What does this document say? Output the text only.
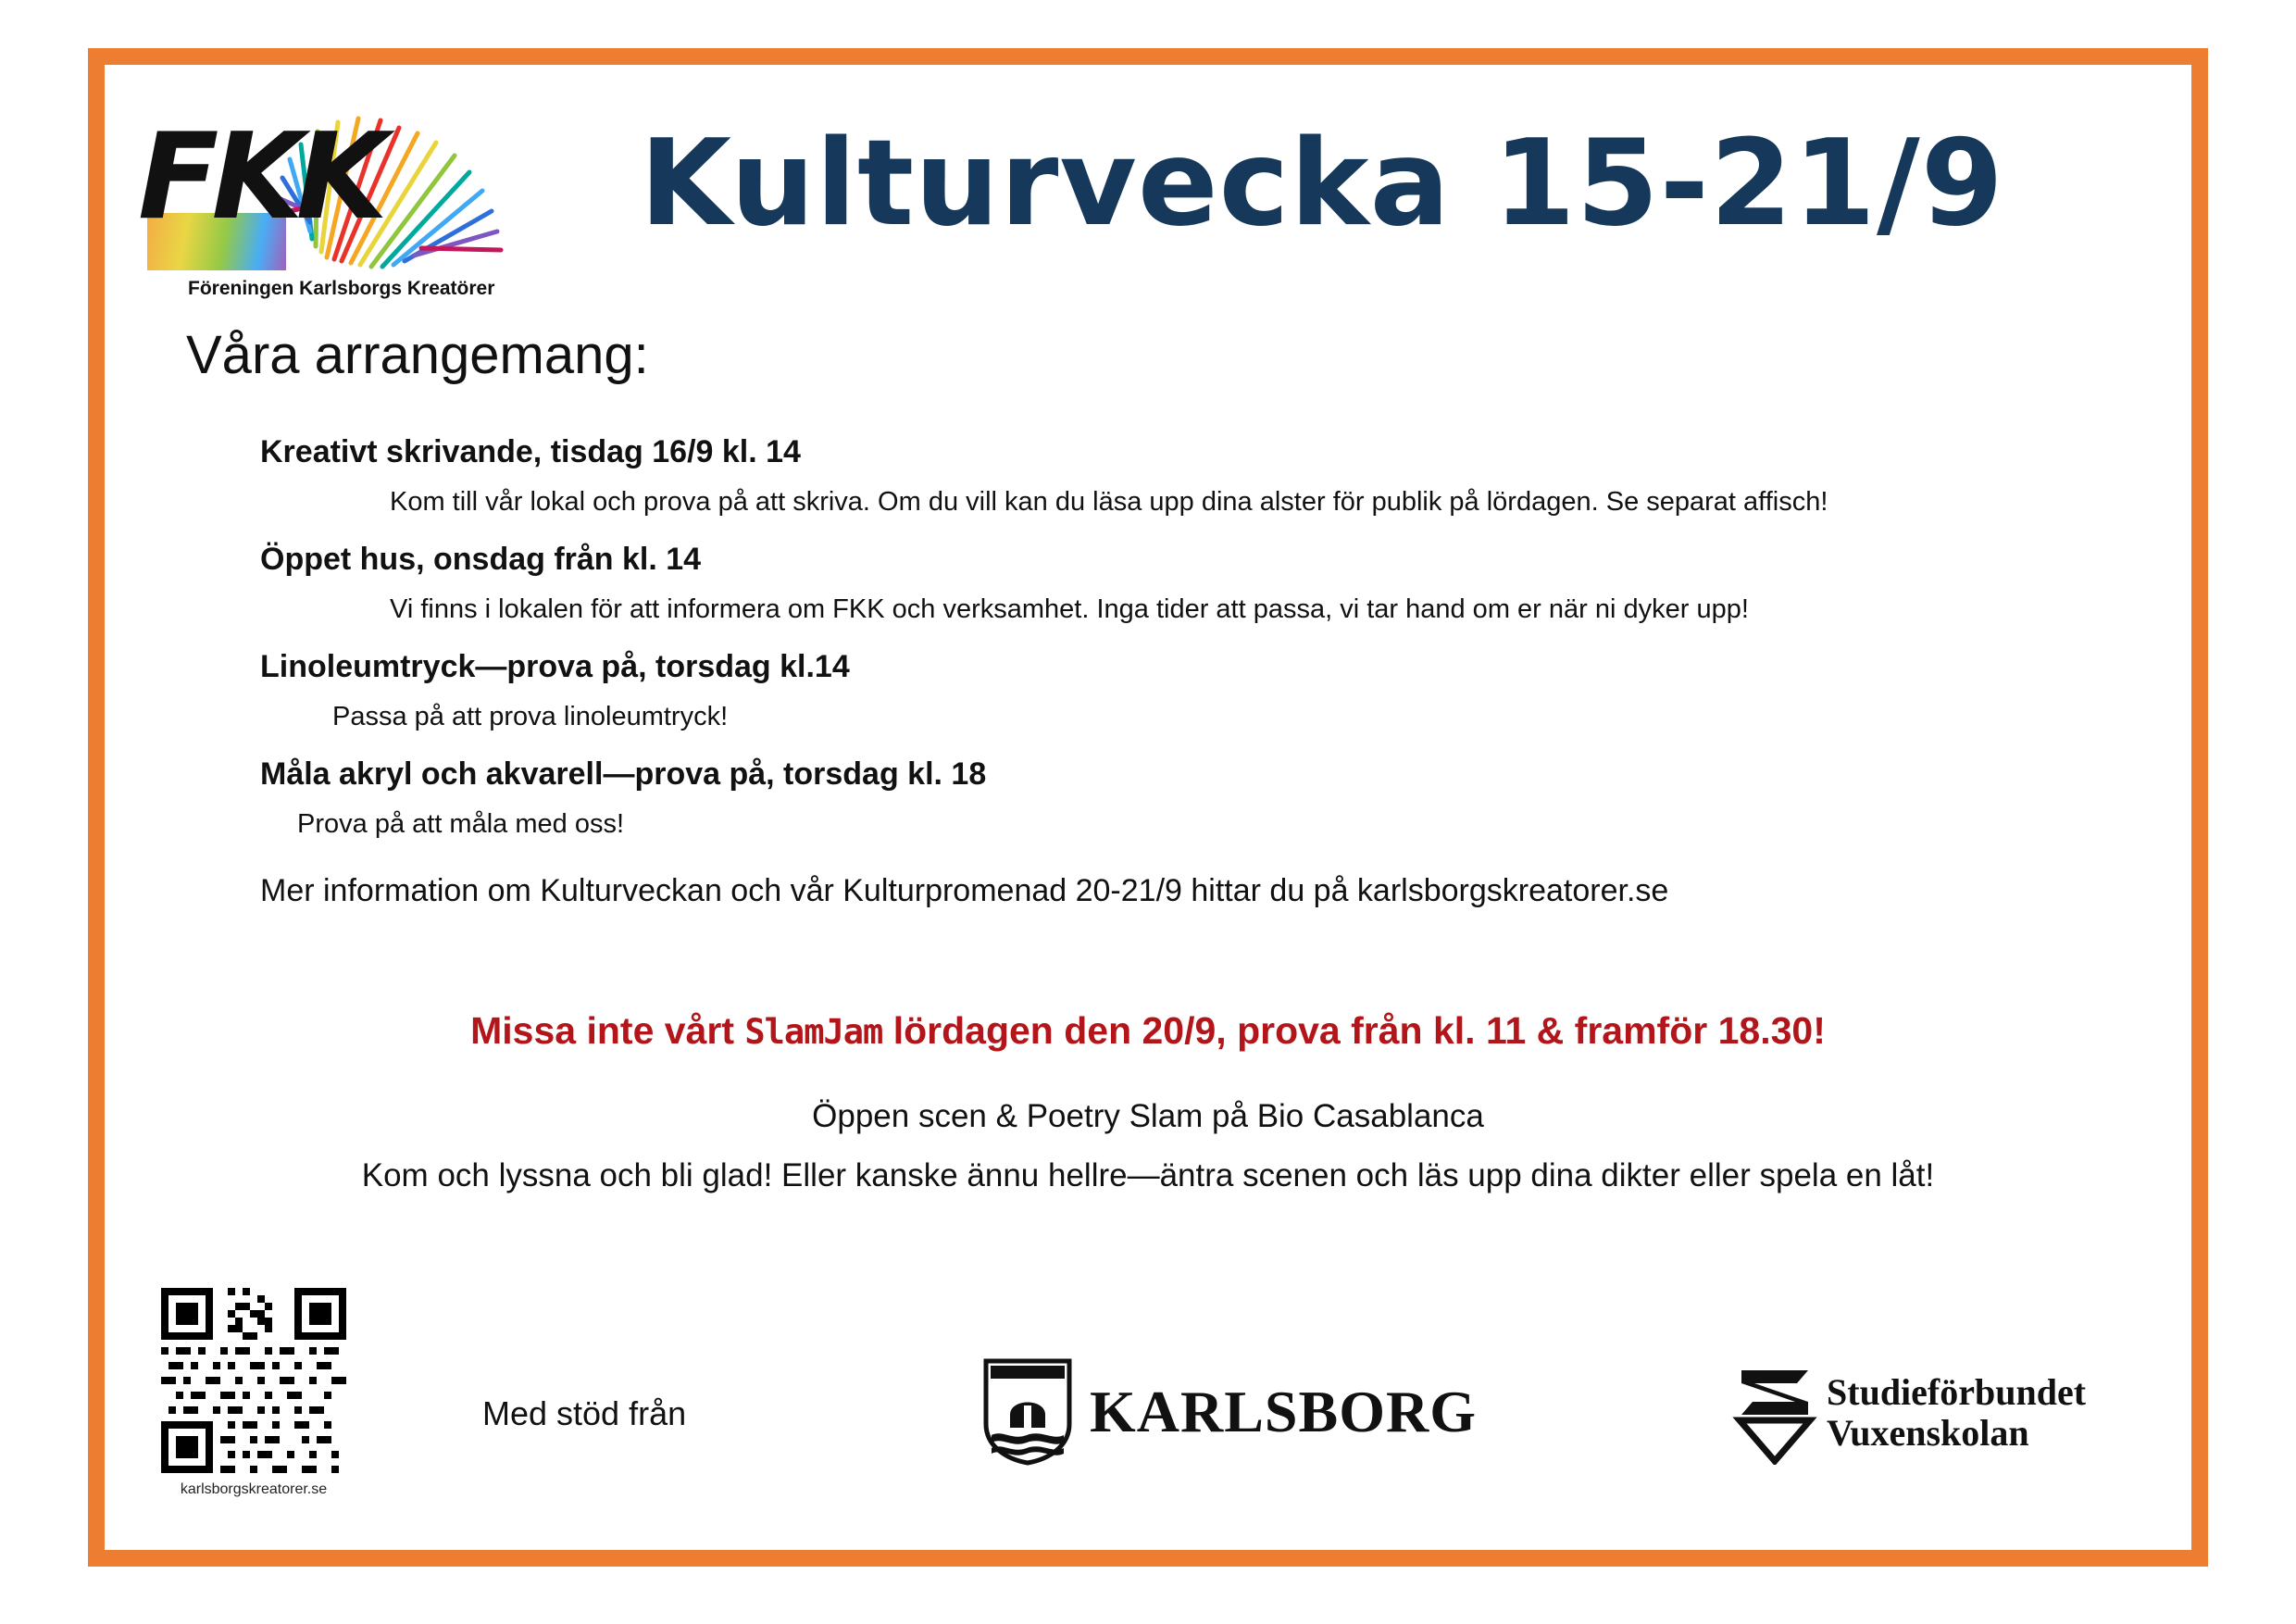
FKK
Föreningen Karlsborgs Kreatörer
Kulturvecka 15-21/9
Våra arrangemang:
Kreativt skrivande, tisdag 16/9 kl. 14
Kom till vår lokal och prova på att skriva. Om du vill kan du läsa upp dina alster för publik på lördagen. Se separat affisch!
Öppet hus, onsdag från kl. 14
Vi finns i lokalen för att informera om FKK och verksamhet. Inga tider att passa, vi tar hand om er när ni dyker upp!
Linoleumtryck—prova på, torsdag kl.14
Passa på att prova linoleumtryck!
Måla akryl och akvarell—prova på, torsdag kl. 18
Prova på att måla med oss!
Mer information om Kulturveckan och vår Kulturpromenad 20-21/9 hittar du på karlsborgskreatorer.se
Missa inte vårt SlamJam lördagen den 20/9, prova från kl. 11 & framför 18.30!
Öppen scen & Poetry Slam på Bio Casablanca
Kom och lyssna och bli glad! Eller kanske ännu hellre—äntra scenen och läs upp dina dikter eller spela en låt!
karlsborgskreatorer.se
Med stöd från	KARLSBORG	Studieförbundet
Vuxenskolan
